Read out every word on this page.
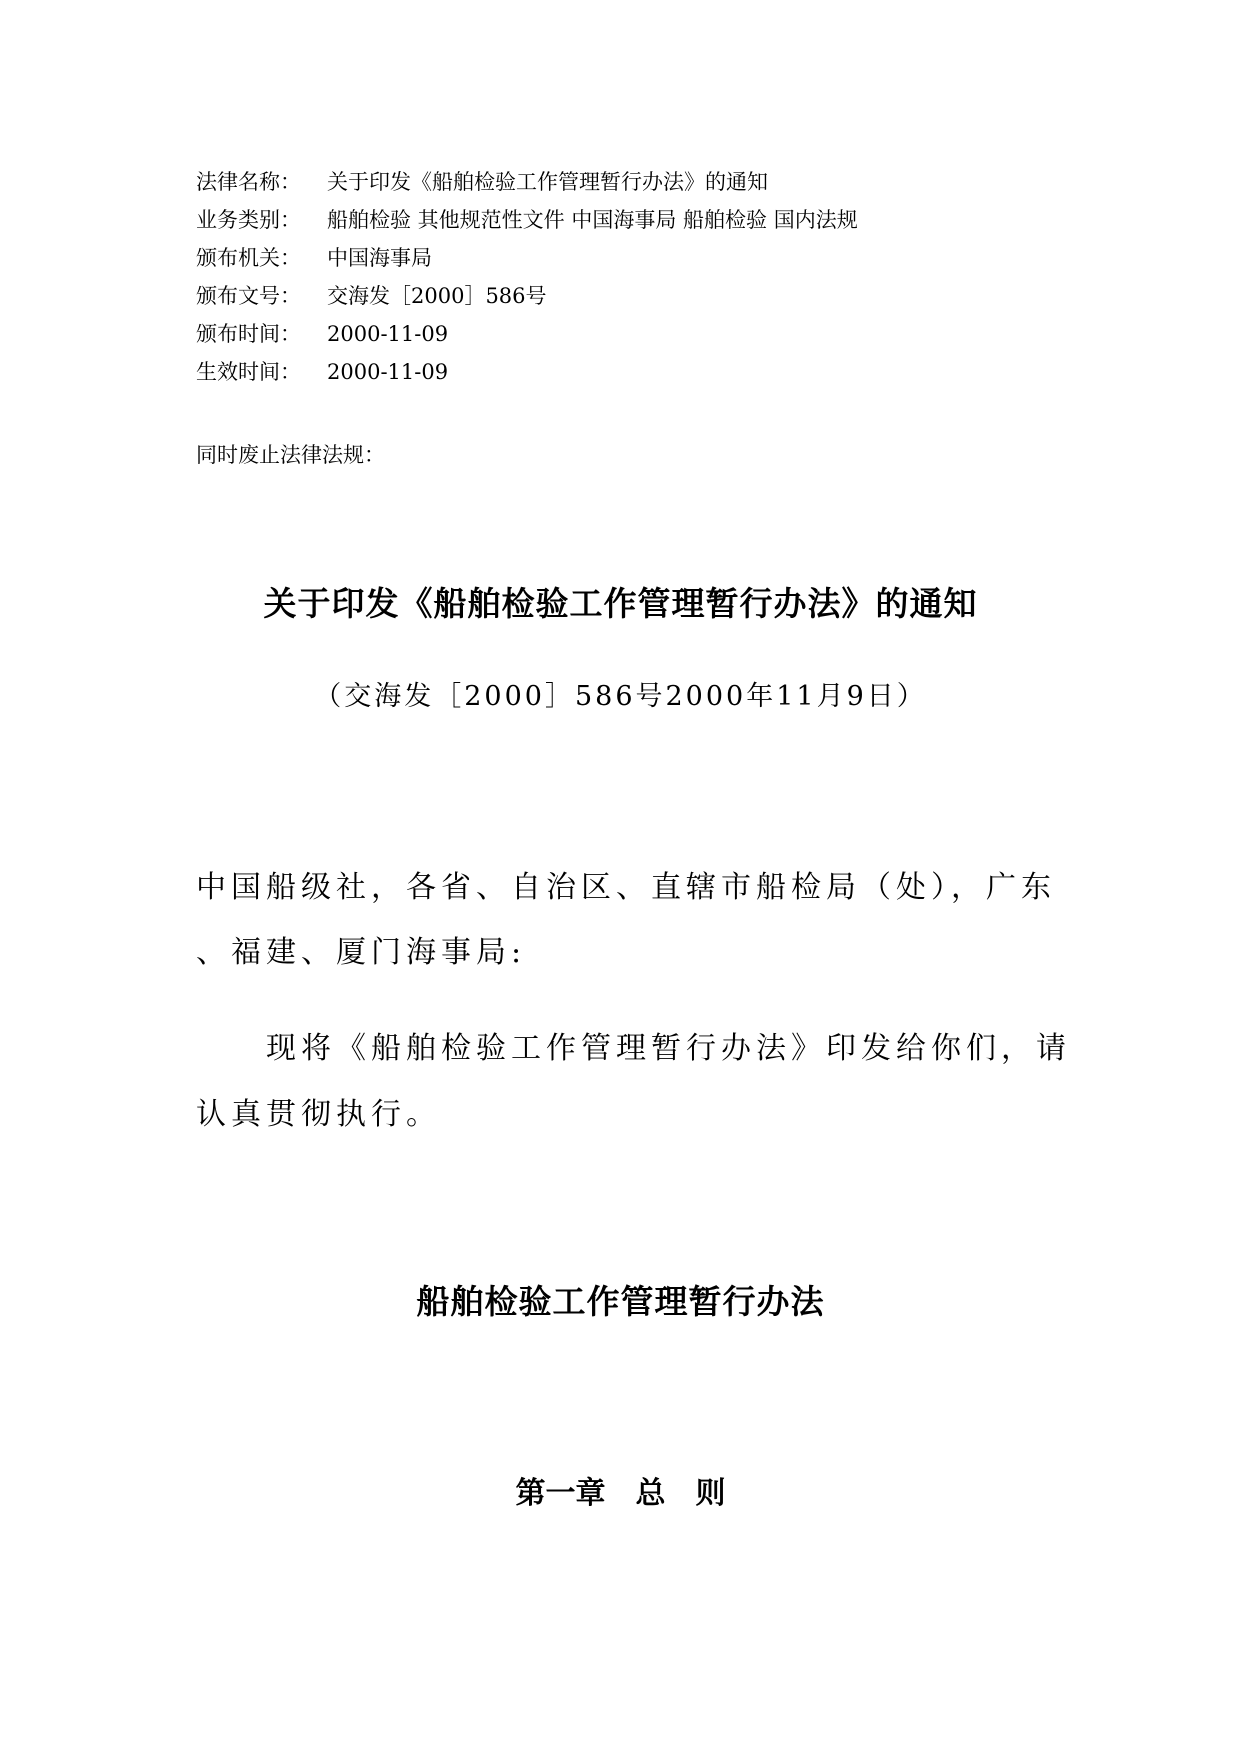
法律名称：	关于印发《船舶检验工作管理暂行办法》的通知
业务类别：	船舶检验 其他规范性文件 中国海事局 船舶检验 国内法规
颁布机关：	中国海事局
颁布文号：	交海发［2000］586号
颁布时间：	2000-11-09
生效时间：	2000-11-09
同时废止法律法规：
关于印发《船舶检验工作管理暂行办法》的通知
（交海发［2000］586号2000年11月9日）
中国船级社，各省、自治区、直辖市船检局（处），广东
、福建、厦门海事局:
　　现将《船舶检验工作管理暂行办法》印发给你们，请
认真贯彻执行。
船舶检验工作管理暂行办法
第一章　总　则
